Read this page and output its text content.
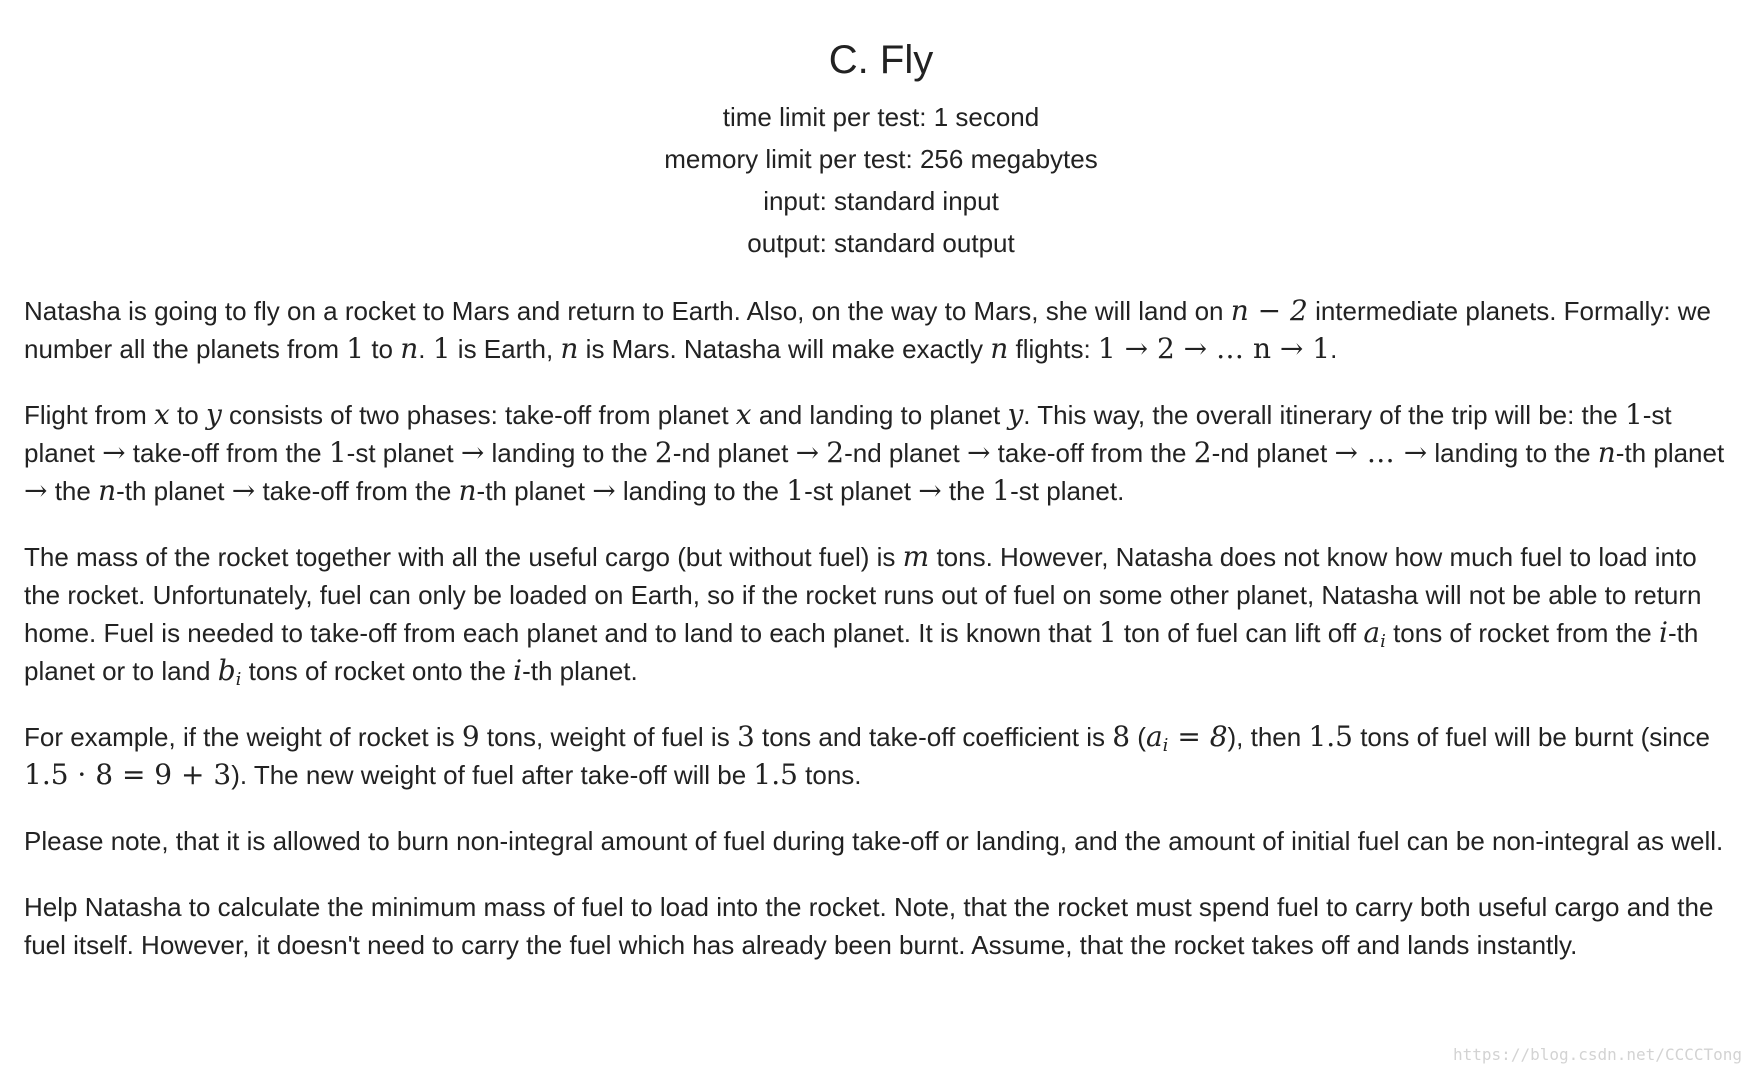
C. Fly
time limit per test: 1 second
memory limit per test: 256 megabytes
input: standard input
output: standard output

Natasha is going to fly on a rocket to Mars and return to Earth. Also, on the way to Mars, she will land on n − 2 intermediate planets. Formally: we number all the planets from 1 to n. 1 is Earth, n is Mars. Natasha will make exactly n flights: 1 → 2 → … n → 1.

Flight from x to y consists of two phases: take-off from planet x and landing to planet y. This way, the overall itinerary of the trip will be: the 1-st planet → take-off from the 1-st planet → landing to the 2-nd planet → 2-nd planet → take-off from the 2-nd planet → … → landing to the n-th planet → the n-th planet → take-off from the n-th planet → landing to the 1-st planet → the 1-st planet.

The mass of the rocket together with all the useful cargo (but without fuel) is m tons. However, Natasha does not know how much fuel to load into the rocket. Unfortunately, fuel can only be loaded on Earth, so if the rocket runs out of fuel on some other planet, Natasha will not be able to return home. Fuel is needed to take-off from each planet and to land to each planet. It is known that 1 ton of fuel can lift off $a_i$ tons of rocket from the i-th planet or to land $b_i$ tons of rocket onto the i-th planet.

For example, if the weight of rocket is 9 tons, weight of fuel is 3 tons and take-off coefficient is 8 $(a_i = 8)$, then 1.5 tons of fuel will be burnt (since 1.5 · 8 = 9 + 3). The new weight of fuel after take-off will be 1.5 tons.

Please note, that it is allowed to burn non-integral amount of fuel during take-off or landing, and the amount of initial fuel can be non-integral as well.

Help Natasha to calculate the minimum mass of fuel to load into the rocket. Note, that the rocket must spend fuel to carry both useful cargo and the fuel itself. However, it doesn't need to carry the fuel which has already been burnt. Assume, that the rocket takes off and lands instantly.

https://blog.csdn.net/CCCCTong
